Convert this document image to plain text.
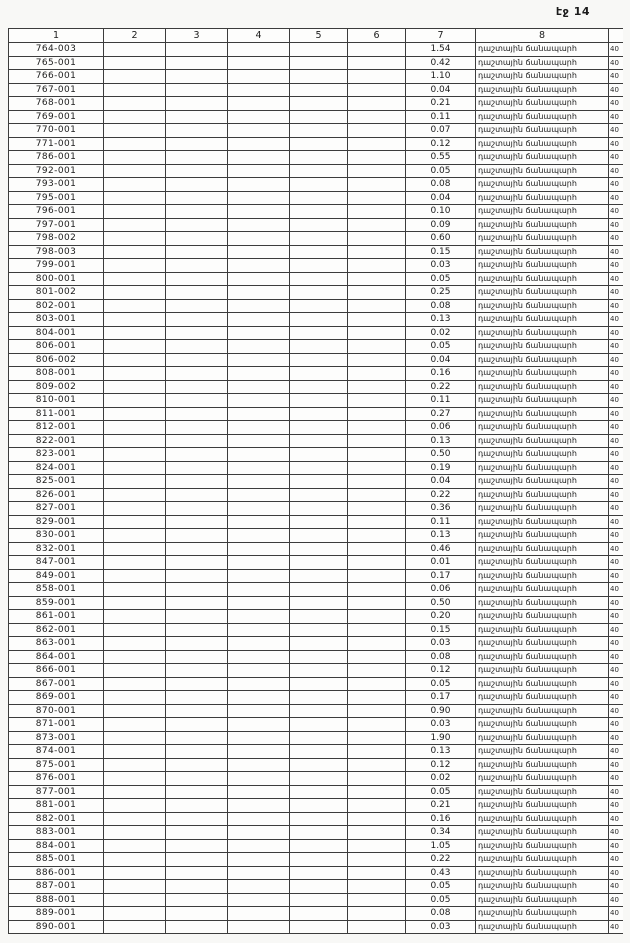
էջ 14
1	2	3	4	5	6	7	8	
764-003						1.54	դաշտային ճանապարհ	40
765-001						0.42	դաշտային ճանապարհ	40
766-001						1.10	դաշտային ճանապարհ	40
767-001						0.04	դաշտային ճանապարհ	40
768-001						0.21	դաշտային ճանապարհ	40
769-001						0.11	դաշտային ճանապարհ	40
770-001						0.07	դաշտային ճանապարհ	40
771-001						0.12	դաշտային ճանապարհ	40
786-001						0.55	դաշտային ճանապարհ	40
792-001						0.05	դաշտային ճանապարհ	40
793-001						0.08	դաշտային ճանապարհ	40
795-001						0.04	դաշտային ճանապարհ	40
796-001						0.10	դաշտային ճանապարհ	40
797-001						0.09	դաշտային ճանապարհ	40
798-002						0.60	դաշտային ճանապարհ	40
798-003						0.15	դաշտային ճանապարհ	40
799-001						0.03	դաշտային ճանապարհ	40
800-001						0.05	դաշտային ճանապարհ	40
801-002						0.25	դաշտային ճանապարհ	40
802-001						0.08	դաշտային ճանապարհ	40
803-001						0.13	դաշտային ճանապարհ	40
804-001						0.02	դաշտային ճանապարհ	40
806-001						0.05	դաշտային ճանապարհ	40
806-002						0.04	դաշտային ճանապարհ	40
808-001						0.16	դաշտային ճանապարհ	40
809-002						0.22	դաշտային ճանապարհ	40
810-001						0.11	դաշտային ճանապարհ	40
811-001						0.27	դաշտային ճանապարհ	40
812-001						0.06	դաշտային ճանապարհ	40
822-001						0.13	դաշտային ճանապարհ	40
823-001						0.50	դաշտային ճանապարհ	40
824-001						0.19	դաշտային ճանապարհ	40
825-001						0.04	դաշտային ճանապարհ	40
826-001						0.22	դաշտային ճանապարհ	40
827-001						0.36	դաշտային ճանապարհ	40
829-001						0.11	դաշտային ճանապարհ	40
830-001						0.13	դաշտային ճանապարհ	40
832-001						0.46	դաշտային ճանապարհ	40
847-001						0.01	դաշտային ճանապարհ	40
849-001						0.17	դաշտային ճանապարհ	40
858-001						0.06	դաշտային ճանապարհ	40
859-001						0.50	դաշտային ճանապարհ	40
861-001						0.20	դաշտային ճանապարհ	40
862-001						0.15	դաշտային ճանապարհ	40
863-001						0.03	դաշտային ճանապարհ	40
864-001						0.08	դաշտային ճանապարհ	40
866-001						0.12	դաշտային ճանապարհ	40
867-001						0.05	դաշտային ճանապարհ	40
869-001						0.17	դաշտային ճանապարհ	40
870-001						0.90	դաշտային ճանապարհ	40
871-001						0.03	դաշտային ճանապարհ	40
873-001						1.90	դաշտային ճանապարհ	40
874-001						0.13	դաշտային ճանապարհ	40
875-001						0.12	դաշտային ճանապարհ	40
876-001						0.02	դաշտային ճանապարհ	40
877-001						0.05	դաշտային ճանապարհ	40
881-001						0.21	դաշտային ճանապարհ	40
882-001						0.16	դաշտային ճանապարհ	40
883-001						0.34	դաշտային ճանապարհ	40
884-001						1.05	դաշտային ճանապարհ	40
885-001						0.22	դաշտային ճանապարհ	40
886-001						0.43	դաշտային ճանապարհ	40
887-001						0.05	դաշտային ճանապարհ	40
888-001						0.05	դաշտային ճանապարհ	40
889-001						0.08	դաշտային ճանապարհ	40
890-001						0.03	դաշտային ճանապարհ	40
